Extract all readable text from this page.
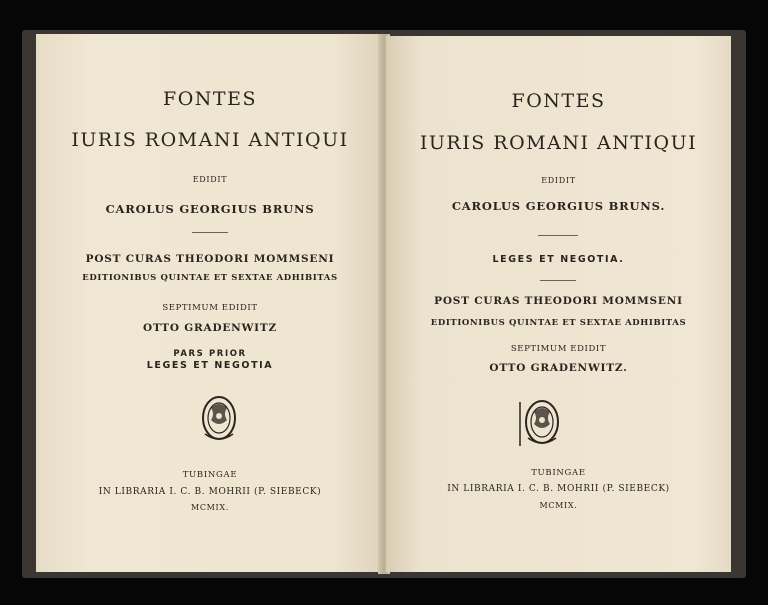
FONTES
IURIS ROMANI ANTIQUI
EDIDIT
CAROLUS GEORGIUS BRUNS
POST CURAS THEODORI MOMMSENI
EDITIONIBUS QUINTAE ET SEXTAE ADHIBITAS
SEPTIMUM EDIDIT
OTTO GRADENWITZ
PARS PRIOR
LEGES ET NEGOTIA
TUBINGAE
IN LIBRARIA I. C. B. MOHRII (P. SIEBECK)
MCMIX.
FONTES
IURIS ROMANI ANTIQUI
EDIDIT
CAROLUS GEORGIUS BRUNS.
LEGES ET NEGOTIA.
POST CURAS THEODORI MOMMSENI
EDITIONIBUS QUINTAE ET SEXTAE ADHIBITAS
SEPTIMUM EDIDIT
OTTO GRADENWITZ.
TUBINGAE
IN LIBRARIA I. C. B. MOHRII (P. SIEBECK)
MCMIX.
